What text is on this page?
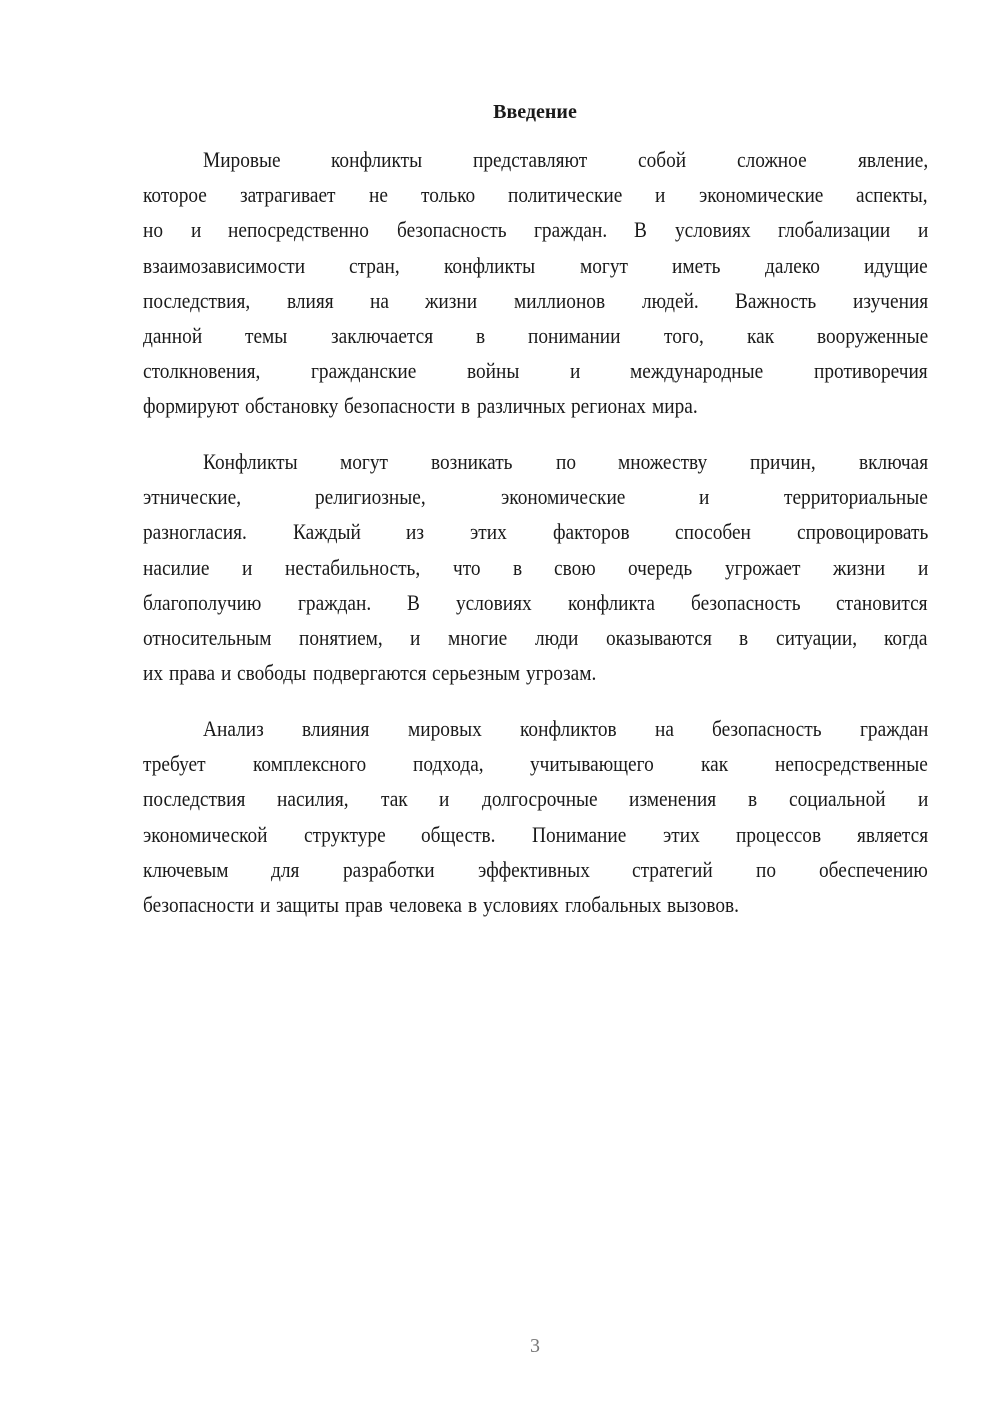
Введение
Мировые конфликты представляют собой сложное явление,
которое затрагивает не только политические и экономические аспекты,
но и непосредственно безопасность граждан. В условиях глобализации и
взаимозависимости стран, конфликты могут иметь далеко идущие
последствия, влияя на жизни миллионов людей. Важность изучения
данной темы заключается в понимании того, как вооруженные
столкновения, гражданские войны и международные противоречия
формируют обстановку безопасности в различных регионах мира.
Конфликты могут возникать по множеству причин, включая
этнические,	религиозные,	экономические	и	территориальные
разногласия. Каждый из этих факторов способен спровоцировать
насилие и нестабильность, что в свою очередь угрожает жизни и
благополучию граждан. В условиях конфликта безопасность становится
относительным понятием, и многие люди оказываются в ситуации, когда
их права и свободы подвергаются серьезным угрозам.
Анализ влияния мировых конфликтов на безопасность граждан
требует комплексного подхода, учитывающего как непосредственные
последствия насилия, так и долгосрочные изменения в социальной и
экономической структуре обществ. Понимание этих процессов является
ключевым для разработки эффективных стратегий по обеспечению
безопасности и защиты прав человека в условиях глобальных вызовов.
3
